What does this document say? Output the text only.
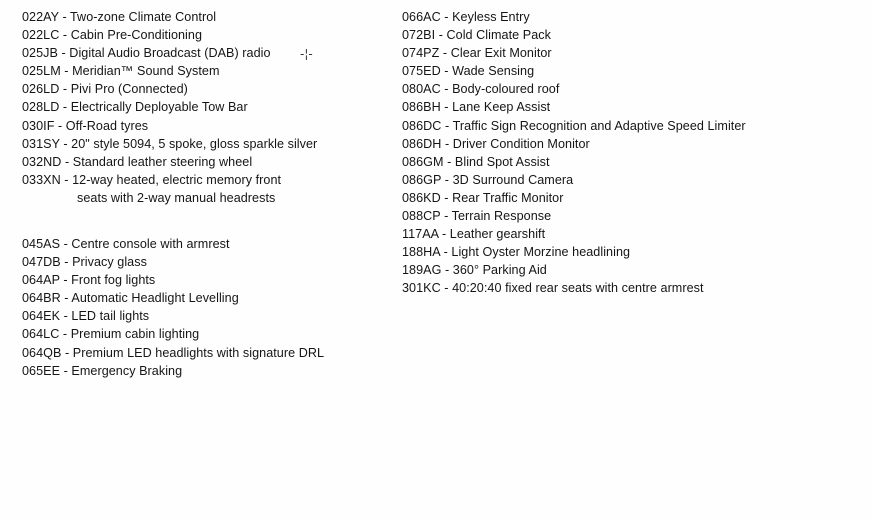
022AY - Two-zone Climate Control
022LC - Cabin Pre-Conditioning
025JB - Digital Audio Broadcast (DAB) radio
025LM - Meridian™ Sound System
026LD - Pivi Pro (Connected)
028LD - Electrically Deployable Tow Bar
030IF - Off-Road tyres
031SY - 20" style 5094, 5 spoke, gloss sparkle silver
032ND - Standard leather steering wheel
033XN - 12-way heated, electric memory front
seats with 2-way manual headrests
045AS - Centre console with armrest
047DB - Privacy glass
064AP - Front fog lights
064BR - Automatic Headlight Levelling
064EK - LED tail lights
064LC - Premium cabin lighting
064QB - Premium LED headlights with signature DRL
065EE - Emergency Braking
-¦-
066AC - Keyless Entry
072BI - Cold Climate Pack
074PZ - Clear Exit Monitor
075ED - Wade Sensing
080AC - Body-coloured roof
086BH - Lane Keep Assist
086DC - Traffic Sign Recognition and Adaptive Speed Limiter
086DH - Driver Condition Monitor
086GM - Blind Spot Assist
086GP - 3D Surround Camera
086KD - Rear Traffic Monitor
088CP - Terrain Response
117AA - Leather gearshift
188HA - Light Oyster Morzine headlining
189AG - 360° Parking Aid
301KC - 40:20:40 fixed rear seats with centre armrest
